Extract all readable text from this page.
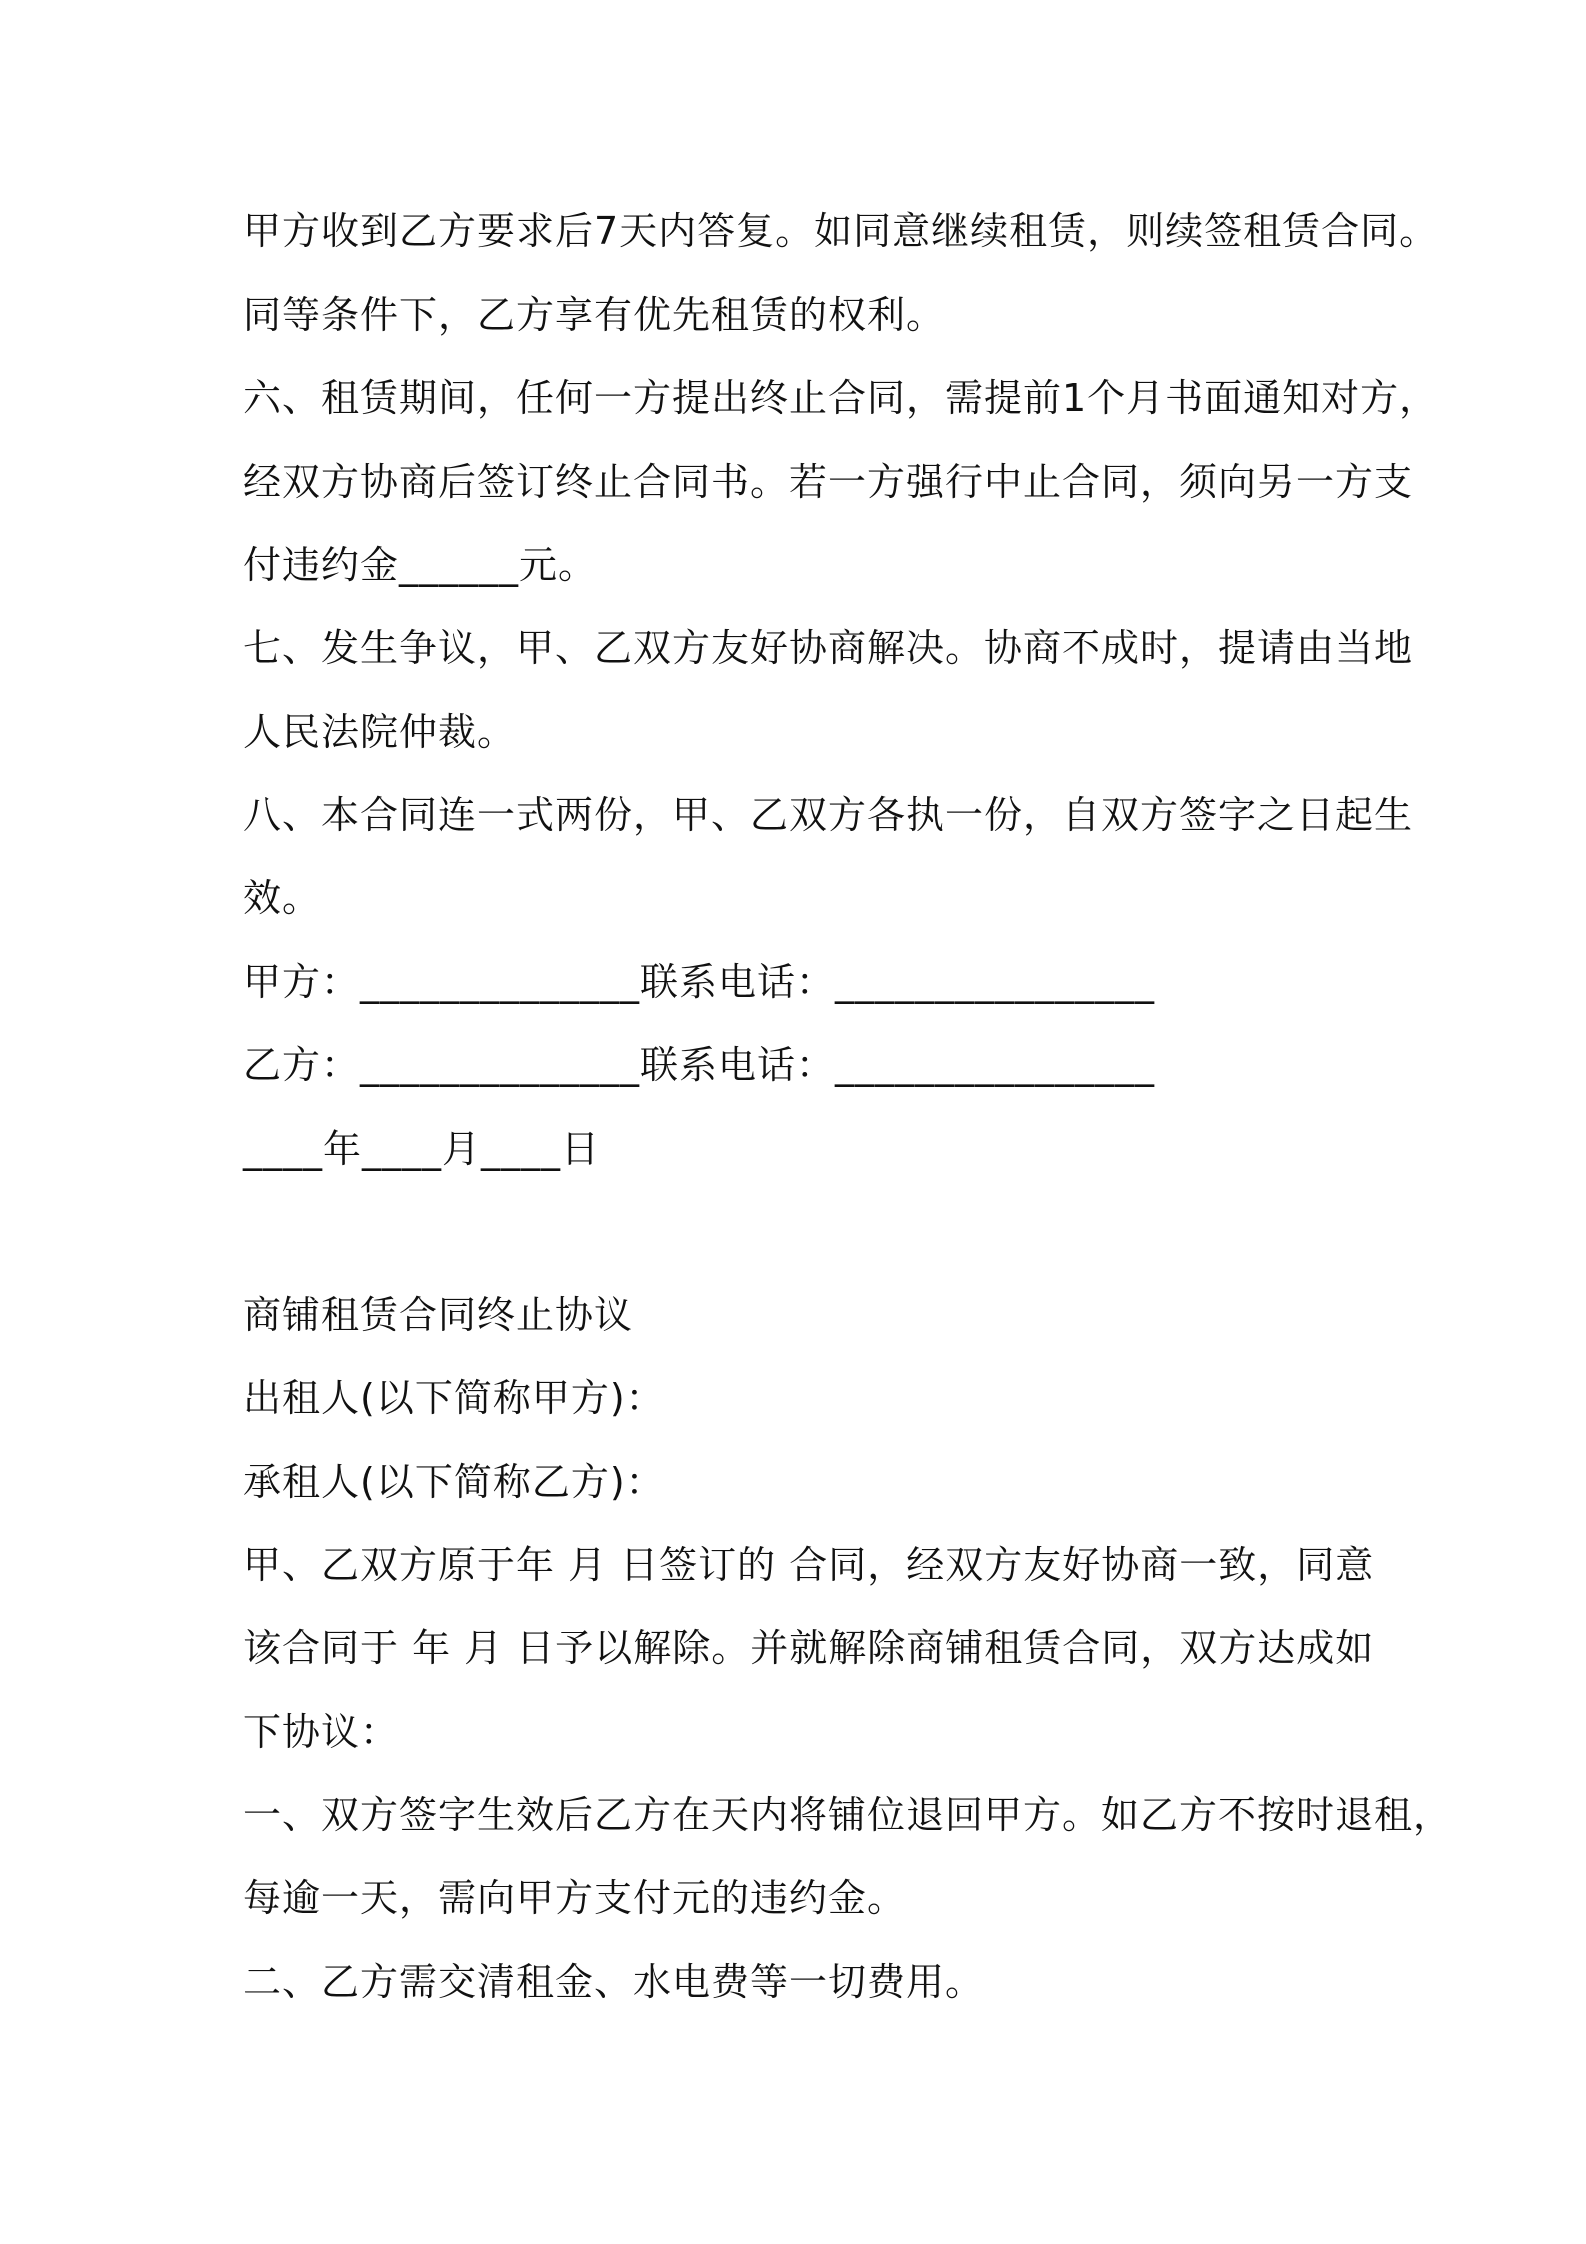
甲方收到乙方要求后7天内答复。如同意继续租赁，则续签租赁合同。
同等条件下，乙方享有优先租赁的权利。
六、租赁期间，任何一方提出终止合同，需提前1个月书面通知对方，
经双方协商后签订终止合同书。若一方强行中止合同，须向另一方支
付违约金______元。
七、发生争议，甲、乙双方友好协商解决。协商不成时，提请由当地
人民法院仲裁。
八、本合同连一式两份，甲、乙双方各执一份，自双方签字之日起生
效。
甲方：______________联系电话：________________
乙方：______________联系电话：________________
____年____月____日
商铺租赁合同终止协议
出租人(以下简称甲方)：
承租人(以下简称乙方)：
甲、乙双方原于年 月 日签订的 合同，经双方友好协商一致，同意
该合同于 年 月 日予以解除。并就解除商铺租赁合同，双方达成如
下协议：
一、双方签字生效后乙方在天内将铺位退回甲方。如乙方不按时退租，
每逾一天，需向甲方支付元的违约金。
二、乙方需交清租金、水电费等一切费用。
